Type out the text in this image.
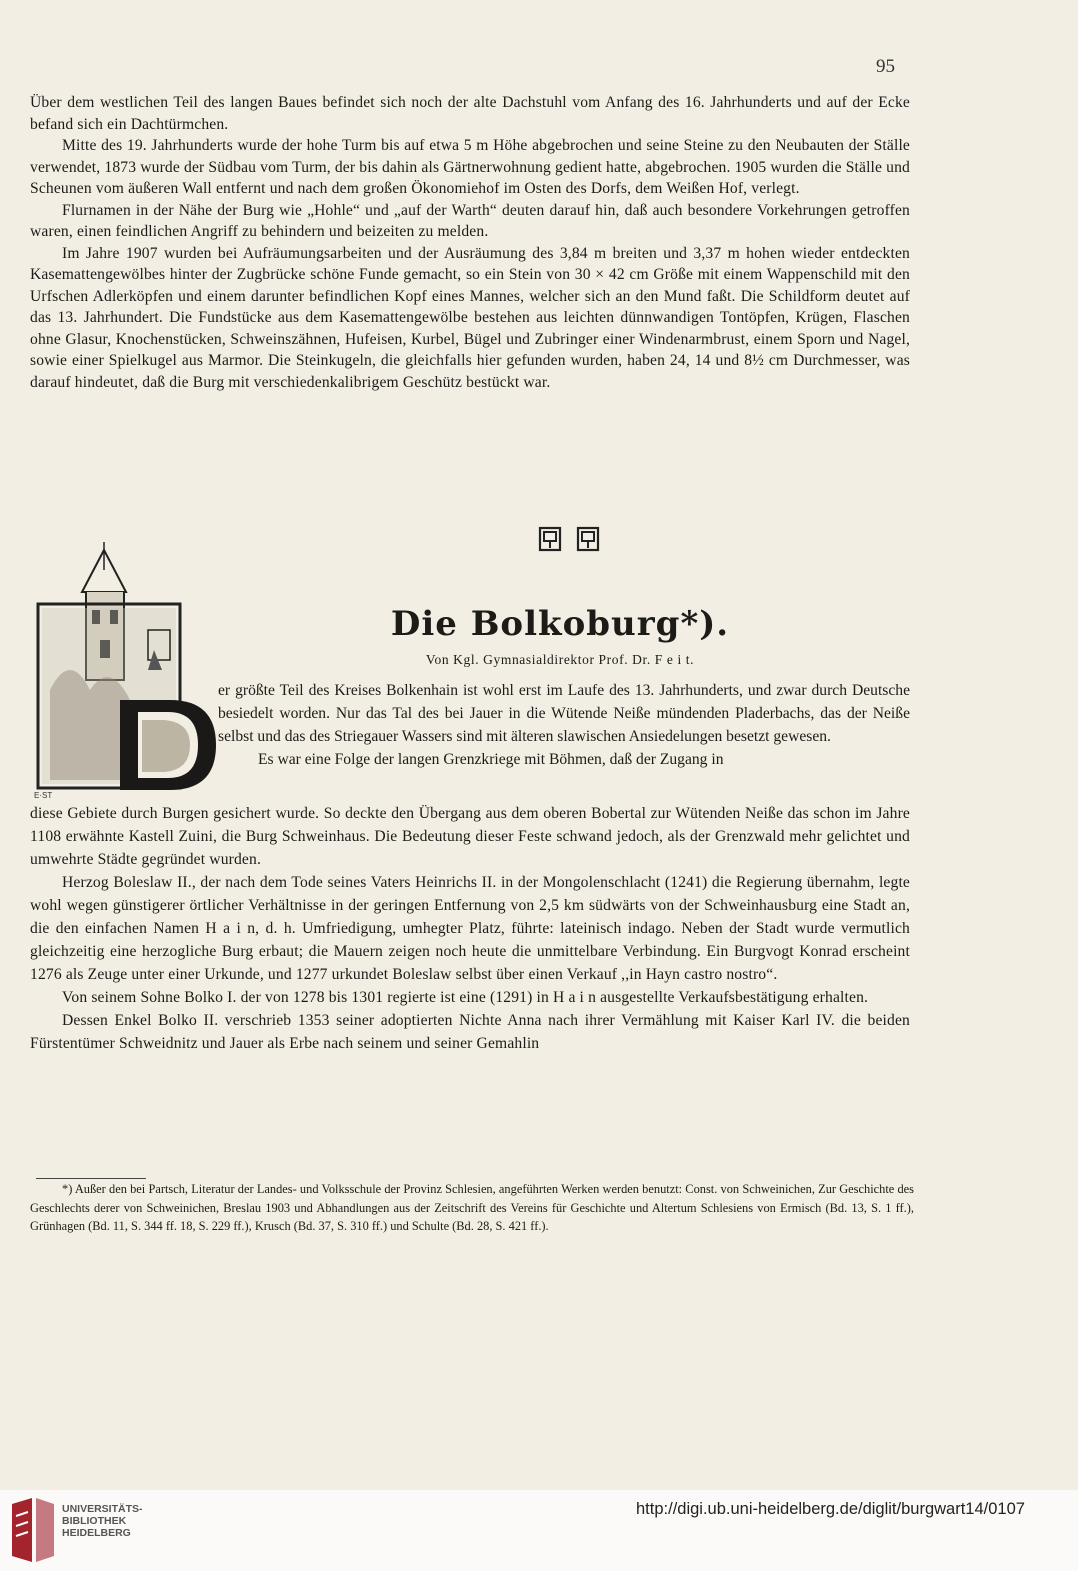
95

Über dem westlichen Teil des langen Baues befindet sich noch der alte Dachstuhl vom Anfang des 16. Jahrhunderts und auf der Ecke befand sich ein Dachtürmchen.

Mitte des 19. Jahrhunderts wurde der hohe Turm bis auf etwa 5 m Höhe abgebrochen und seine Steine zu den Neubauten der Ställe verwendet, 1873 wurde der Südbau vom Turm, der bis dahin als Gärtnerwohnung gedient hatte, abgebrochen. 1905 wurden die Ställe und Scheunen vom äußeren Wall entfernt und nach dem großen Ökonomiehof im Osten des Dorfs, dem Weißen Hof, verlegt.

Flurnamen in der Nähe der Burg wie „Hohle“ und „auf der Warth“ deuten darauf hin, daß auch besondere Vorkehrungen getroffen waren, einen feindlichen Angriff zu behindern und beizeiten zu melden.

Im Jahre 1907 wurden bei Aufräumungsarbeiten und der Ausräumung des 3,84 m breiten und 3,37 m hohen wieder entdeckten Kasemattengewölbes hinter der Zugbrücke schöne Funde gemacht, so ein Stein von 30 × 42 cm Größe mit einem Wappenschild mit den Urfschen Adlerköpfen und einem darunter befindlichen Kopf eines Mannes, welcher sich an den Mund faßt. Die Schildform deutet auf das 13. Jahrhundert. Die Fundstücke aus dem Kasemattengewölbe bestehen aus leichten dünnwandigen Tontöpfen, Krügen, Flaschen ohne Glasur, Knochenstücken, Schweinszähnen, Hufeisen, Kurbel, Bügel und Zubringer einer Windenarmbrust, einem Sporn und Nagel, sowie einer Spielkugel aus Marmor. Die Steinkugeln, die gleichfalls hier gefunden wurden, haben 24, 14 und 8½ cm Durchmesser, was darauf hindeutet, daß die Burg mit verschiedenkalibrigem Geschütz bestückt war.

E·ST
Die Bolkoburg*).
Von Kgl. Gymnasialdirektor Prof. Dr. F e i t.

er größte Teil des Kreises Bolkenhain ist wohl erst im Laufe des 13. Jahrhunderts, und zwar durch Deutsche besiedelt worden. Nur das Tal des bei Jauer in die Wütende Neiße mündenden Pladerbachs, das der Neiße selbst und das des Striegauer Wassers sind mit älteren slawischen Ansiedelungen besetzt gewesen.

Es war eine Folge der langen Grenzkriege mit Böhmen, daß der Zugang in

diese Gebiete durch Burgen gesichert wurde. So deckte den Übergang aus dem oberen Bobertal zur Wütenden Neiße das schon im Jahre 1108 erwähnte Kastell Zuini, die Burg Schweinhaus. Die Bedeutung dieser Feste schwand jedoch, als der Grenzwald mehr gelichtet und umwehrte Städte gegründet wurden.

Herzog Boleslaw II., der nach dem Tode seines Vaters Heinrichs II. in der Mongolenschlacht (1241) die Regierung übernahm, legte wohl wegen günstigerer örtlicher Verhältnisse in der geringen Entfernung von 2,5 km südwärts von der Schweinhausburg eine Stadt an, die den einfachen Namen H a i n, d. h. Umfriedigung, umhegter Platz, führte: lateinisch indago. Neben der Stadt wurde vermutlich gleichzeitig eine herzogliche Burg erbaut; die Mauern zeigen noch heute die unmittelbare Verbindung. Ein Burgvogt Konrad erscheint 1276 als Zeuge unter einer Urkunde, und 1277 urkundet Boleslaw selbst über einen Verkauf ,,in Hayn castro nostro“.

Von seinem Sohne Bolko I. der von 1278 bis 1301 regierte ist eine (1291) in H a i n ausgestellte Verkaufsbestätigung erhalten.

Dessen Enkel Bolko II. verschrieb 1353 seiner adoptierten Nichte Anna nach ihrer Vermählung mit Kaiser Karl IV. die beiden Fürstentümer Schweidnitz und Jauer als Erbe nach seinem und seiner Gemahlin

*) Außer den bei Partsch, Literatur der Landes- und Volksschule der Provinz Schlesien, angeführten Werken werden benutzt: Const. von Schweinichen, Zur Geschichte des Geschlechts derer von Schweinichen, Breslau 1903 und Abhandlungen aus der Zeitschrift des Vereins für Geschichte und Altertum Schlesiens von Ermisch (Bd. 13, S. 1 ff.), Grünhagen (Bd. 11, S. 344 ff. 18, S. 229 ff.), Krusch (Bd. 37, S. 310 ff.) und Schulte (Bd. 28, S. 421 ff.).
UNIVERSITÄTS-
BIBLIOTHEK
HEIDELBERG
http://digi.ub.uni-heidelberg.de/diglit/burgwart14/0107
